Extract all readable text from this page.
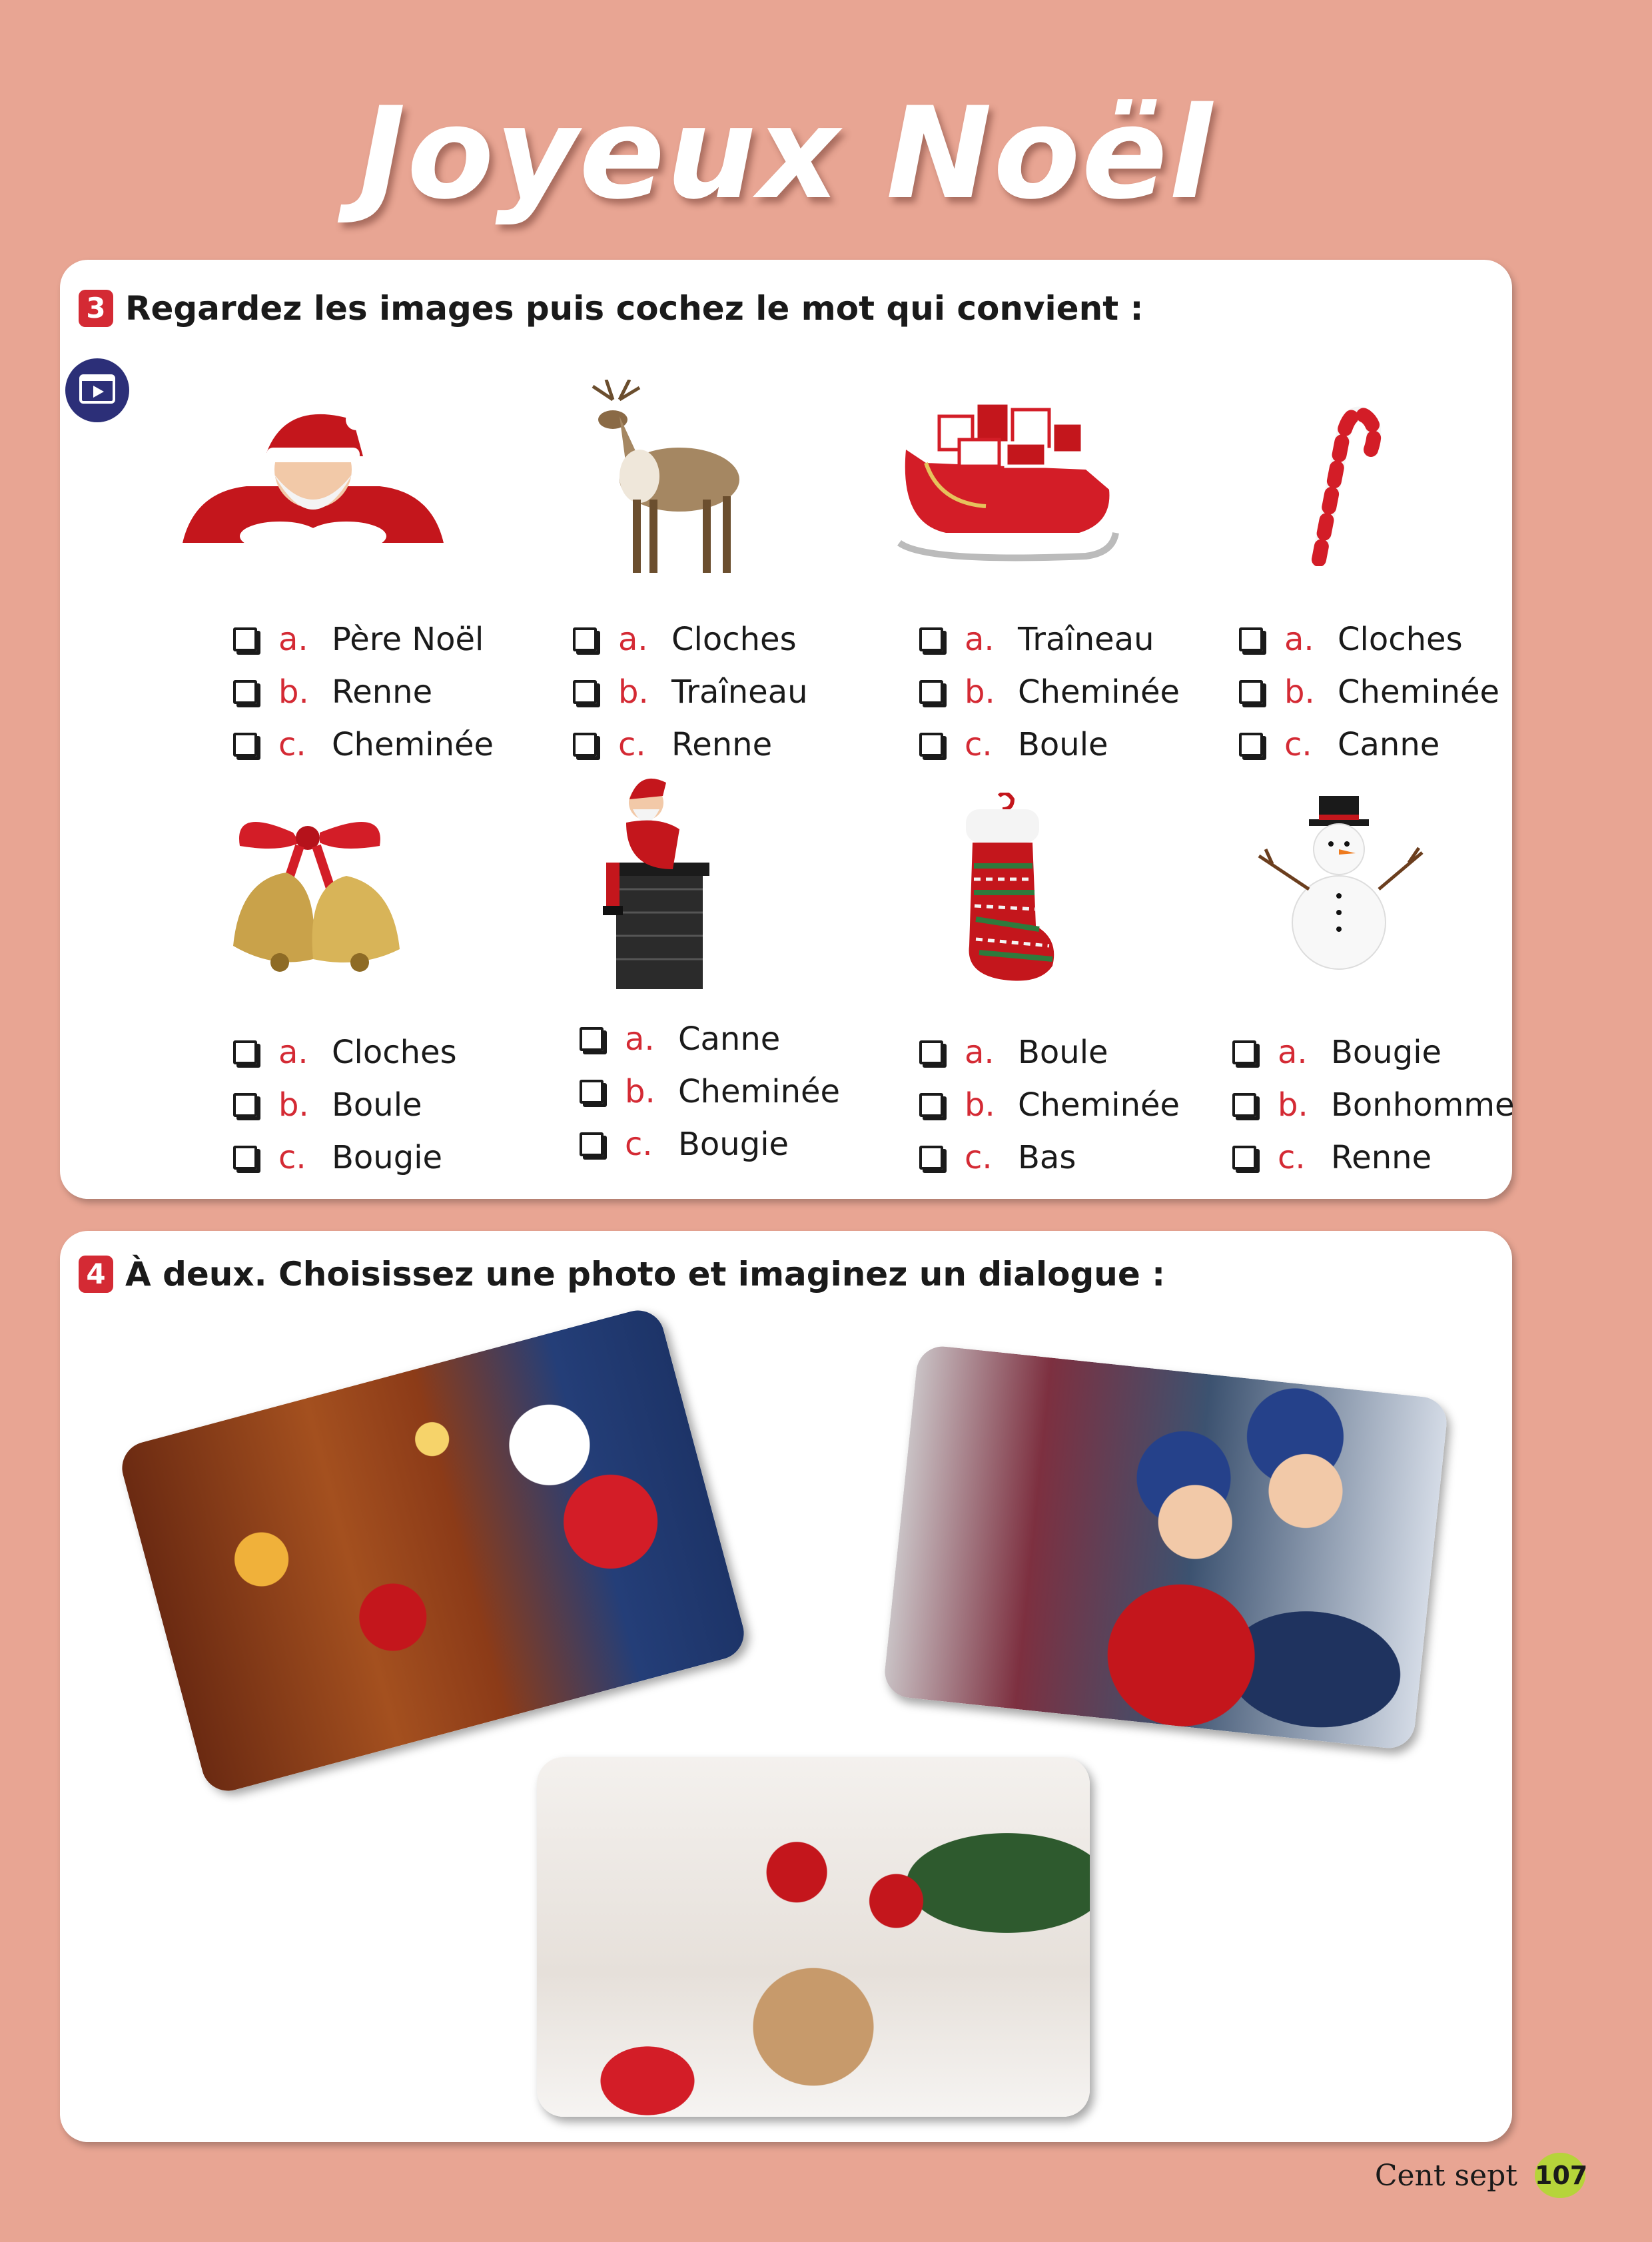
Joyeux Noël
3 Regardez les images puis cochez le mot qui convient :
a. Père Noël
b. Renne
c. Cheminée
a. Cloches
b. Traîneau
c. Renne
a. Traîneau
b. Cheminée
c. Boule
a. Cloches
b. Cheminée
c. Canne
a. Cloches
b. Boule
c. Bougie
a. Canne
b. Cheminée
c. Bougie
a. Boule
b. Cheminée
c. Bas
a. Bougie
b. Bonhomme
c. Renne
4 À deux. Choisissez une photo et imaginez un dialogue :
Cent sept 107
